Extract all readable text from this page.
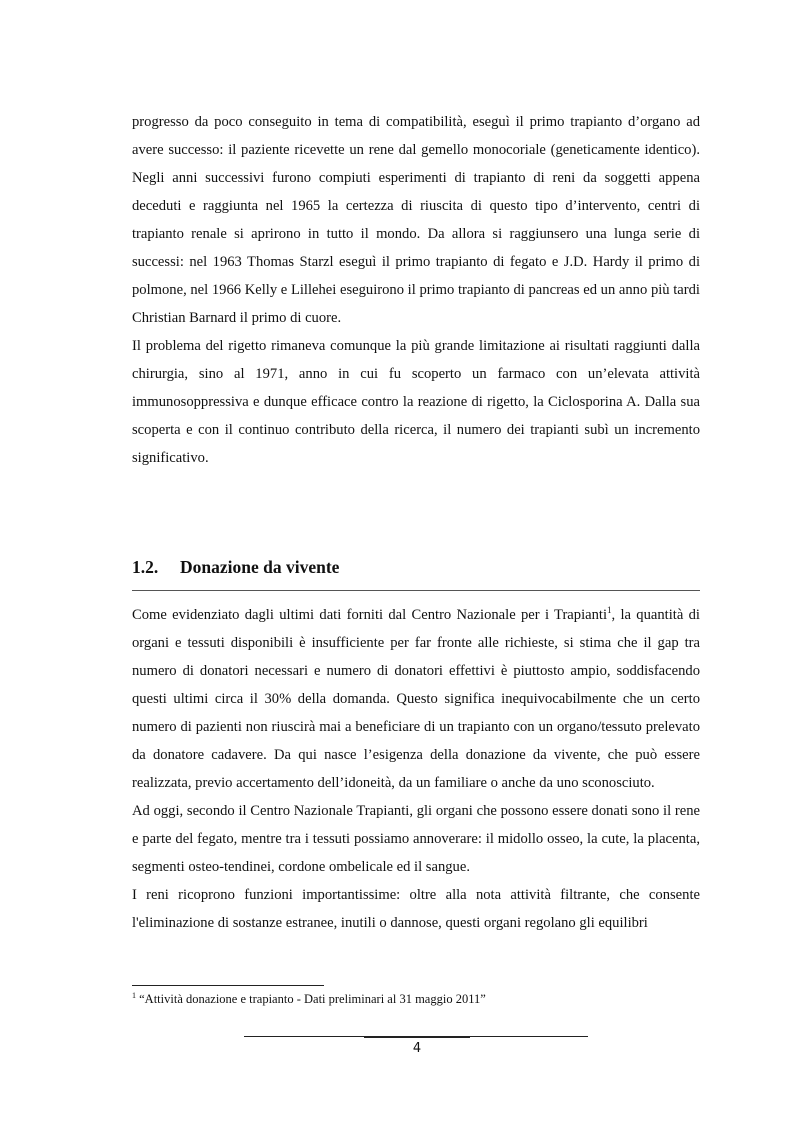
progresso da poco conseguito in tema di compatibilità, eseguì il primo trapianto d’organo ad avere successo: il paziente ricevette un rene dal gemello monocoriale (geneticamente identico). Negli anni successivi furono compiuti esperimenti di trapianto di reni da soggetti appena deceduti e raggiunta nel 1965 la certezza di riuscita di questo tipo d’intervento, centri di trapianto renale si aprirono in tutto il mondo. Da allora si raggiunsero una lunga serie di successi: nel 1963 Thomas Starzl eseguì il primo trapianto di fegato e J.D. Hardy il primo di polmone, nel 1966 Kelly e Lillehei eseguirono il primo trapianto di pancreas ed un anno più tardi Christian Barnard il primo di cuore.

Il problema del rigetto rimaneva comunque la più grande limitazione ai risultati raggiunti dalla chirurgia, sino al 1971, anno in cui fu scoperto un farmaco con un’elevata attività immunosoppressiva e dunque efficace contro la reazione di rigetto, la Ciclosporina A. Dalla sua scoperta e con il continuo contributo della ricerca, il numero dei trapianti subì un incremento significativo.

1.2. Donazione da vivente

Come evidenziato dagli ultimi dati forniti dal Centro Nazionale per i Trapianti$^1$, la quantità di organi e tessuti disponibili è insufficiente per far fronte alle richieste, si stima che il gap tra numero di donatori necessari e numero di donatori effettivi è piuttosto ampio, soddisfacendo questi ultimi circa il 30% della domanda. Questo significa inequivocabilmente che un certo numero di pazienti non riuscirà mai a beneficiare di un trapianto con un organo/tessuto prelevato da donatore cadavere. Da qui nasce l’esigenza della donazione da vivente, che può essere realizzata, previo accertamento dell’idoneità, da un familiare o anche da uno sconosciuto.

Ad oggi, secondo il Centro Nazionale Trapianti, gli organi che possono essere donati sono il rene e parte del fegato, mentre tra i tessuti possiamo annoverare: il midollo osseo, la cute, la placenta, segmenti osteo-tendinei, cordone ombelicale ed il sangue.

I reni ricoprono funzioni importantissime: oltre alla nota attività filtrante, che consente l'eliminazione di sostanze estranee, inutili o dannose, questi organi regolano gli equilibri

$^1$ “Attività donazione e trapianto - Dati preliminari al 31 maggio 2011”
4
